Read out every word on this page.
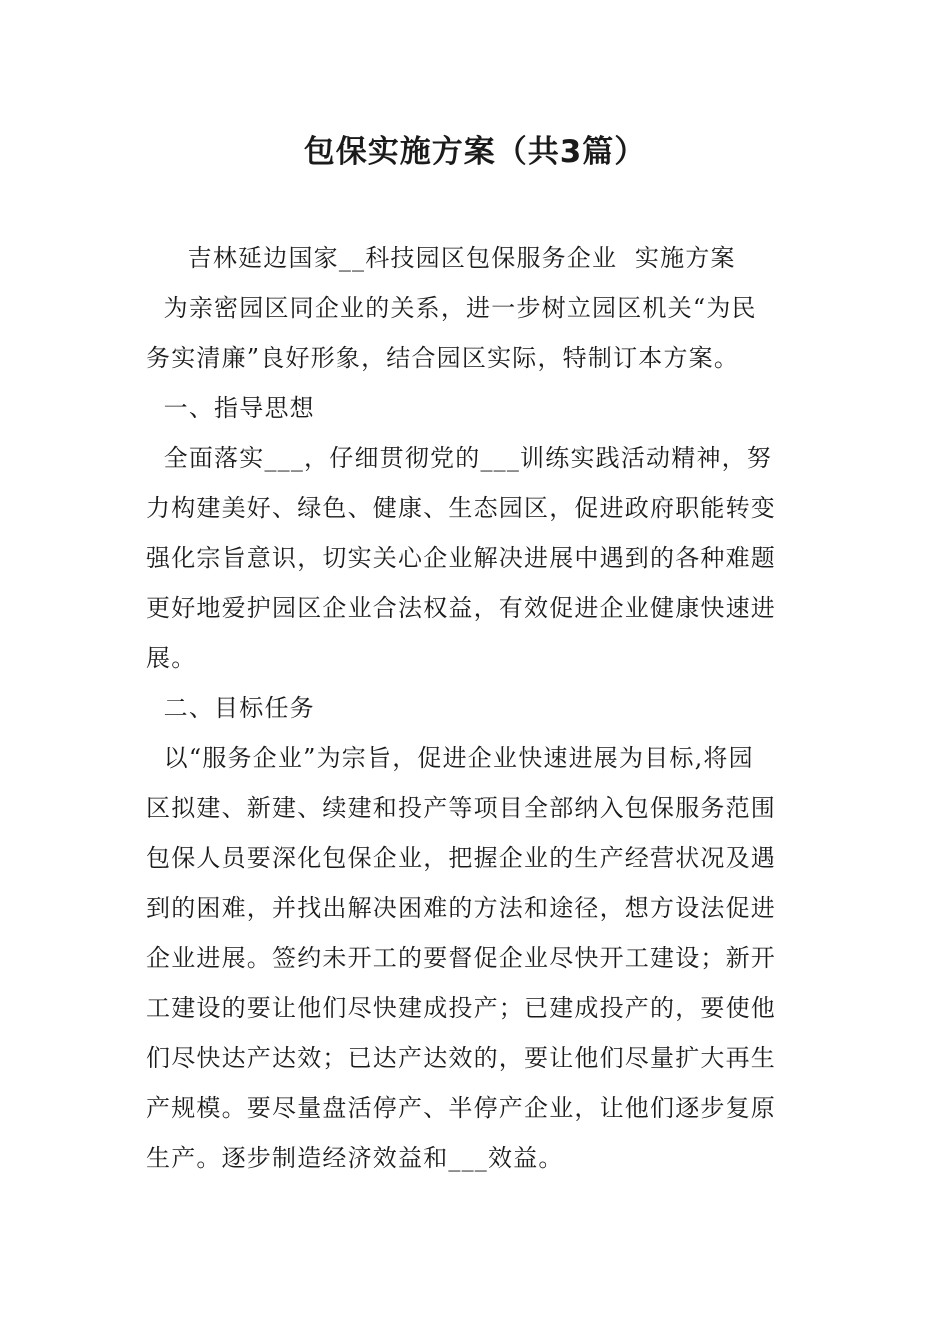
包保实施方案（共3篇）
吉林延边国家__科技园区包保服务企业  实施方案
为亲密园区同企业的关系，进一步树立园区机关“为民
务实清廉”良好形象，结合园区实际，特制订本方案。
一、指导思想
全面落实___，仔细贯彻党的___训练实践活动精神，努
力构建美好、绿色、健康、生态园区，促进政府职能转变
强化宗旨意识，切实关心企业解决进展中遇到的各种难题
更好地爱护园区企业合法权益，有效促进企业健康快速进
展。
二、目标任务
以“服务企业”为宗旨，促进企业快速进展为目标,将园
区拟建、新建、续建和投产等项目全部纳入包保服务范围
包保人员要深化包保企业，把握企业的生产经营状况及遇
到的困难，并找出解决困难的方法和途径，想方设法促进
企业进展。签约未开工的要督促企业尽快开工建设；新开
工建设的要让他们尽快建成投产；已建成投产的，要使他
们尽快达产达效；已达产达效的，要让他们尽量扩大再生
产规模。要尽量盘活停产、半停产企业，让他们逐步复原
生产。逐步制造经济效益和___效益。
